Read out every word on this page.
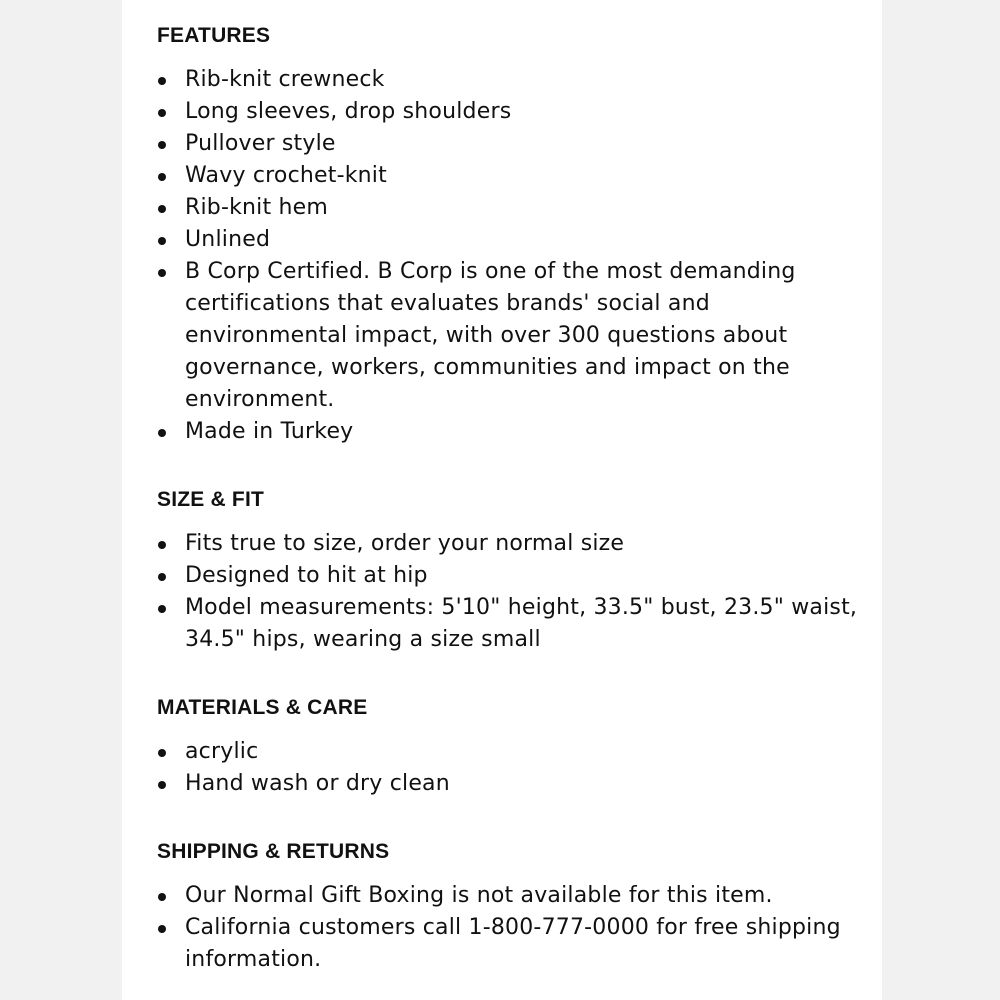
FEATURES
Rib-knit crewneck
Long sleeves, drop shoulders
Pullover style
Wavy crochet-knit
Rib-knit hem
Unlined
B Corp Certified. B Corp is one of the most demanding certifications that evaluates brands' social and environmental impact, with over 300 questions about governance, workers, communities and impact on the environment.
Made in Turkey
SIZE & FIT
Fits true to size, order your normal size
Designed to hit at hip
Model measurements: 5'10" height, 33.5" bust, 23.5" waist, 34.5" hips, wearing a size small
MATERIALS & CARE
acrylic
Hand wash or dry clean
SHIPPING & RETURNS
Our Normal Gift Boxing is not available for this item.
California customers call 1-800-777-0000 for free shipping information.
